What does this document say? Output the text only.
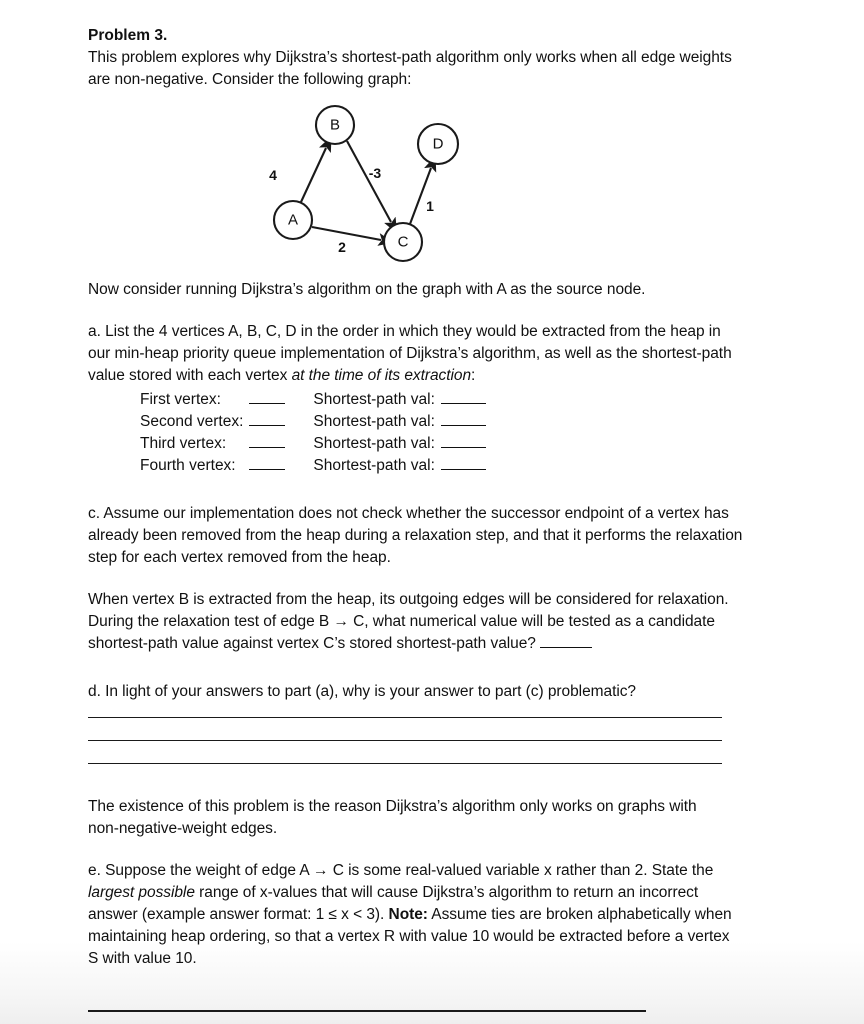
Problem 3.

This problem explores why Dijkstra’s shortest-path algorithm only works when all edge weights

are non-negative. Consider the following graph:

A
B
C
D
4	-3
2
1

Now consider running Dijkstra’s algorithm on the graph with A as the source node.

a. List the 4 vertices A, B, C, D in the order in which they would be extracted from the heap in

our min-heap priority queue implementation of Dijkstra’s algorithm, as well as the shortest-path

value stored with each vertex at the time of its extraction:

First vertex:		Shortest-path val:	
Second vertex:		Shortest-path val:	
Third vertex:		Shortest-path val:	
Fourth vertex:		Shortest-path val:	

c. Assume our implementation does not check whether the successor endpoint of a vertex has

already been removed from the heap during a relaxation step, and that it performs the relaxation

step for each vertex removed from the heap.

When vertex B is extracted from the heap, its outgoing edges will be considered for relaxation.

During the relaxation test of edge B → C, what numerical value will be tested as a candidate

shortest-path value against vertex C’s stored shortest-path value?

d. In light of your answers to part (a), why is your answer to part (c) problematic?

The existence of this problem is the reason Dijkstra’s algorithm only works on graphs with

non-negative-weight edges.

e. Suppose the weight of edge A → C is some real-valued variable x rather than 2. State the

largest possible range of x-values that will cause Dijkstra’s algorithm to return an incorrect

answer (example answer format: 1 ≤ x < 3). Note: Assume ties are broken alphabetically when

maintaining heap ordering, so that a vertex R with value 10 would be extracted before a vertex

S with value 10.
